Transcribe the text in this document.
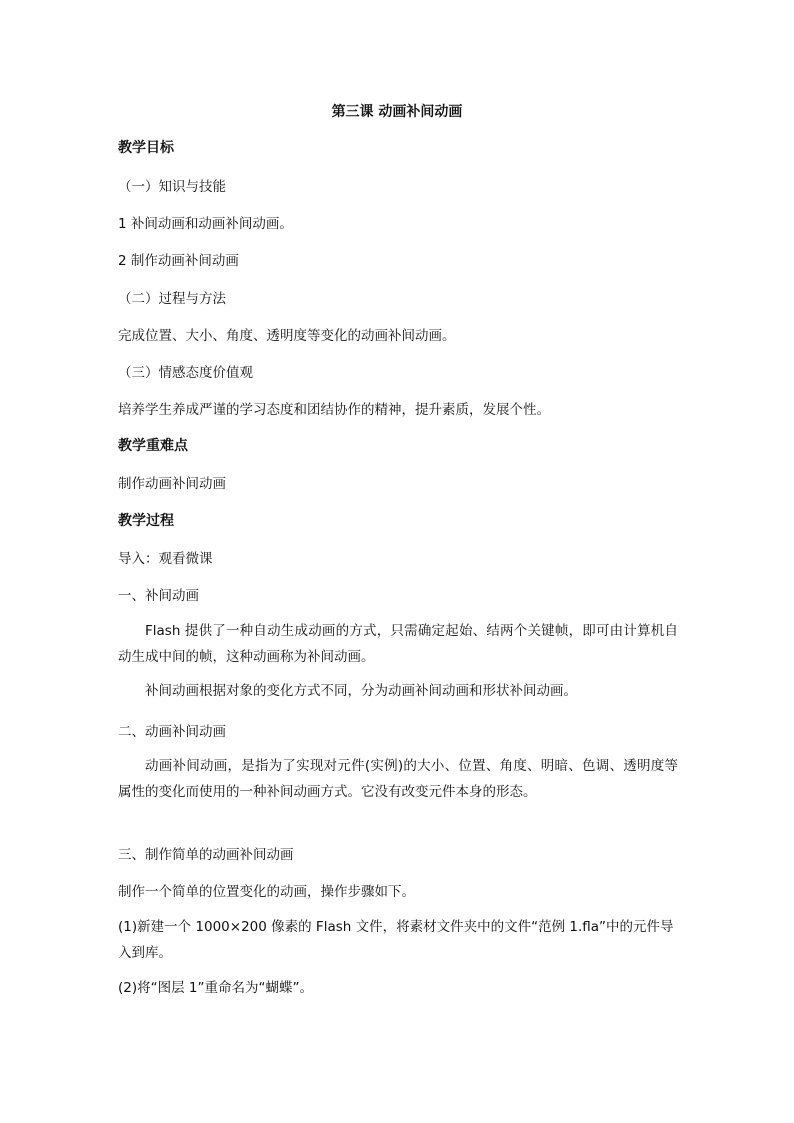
第三课 动画补间动画
教学目标
（一）知识与技能
1 补间动画和动画补间动画。
2 制作动画补间动画
（二）过程与方法
完成位置、大小、角度、透明度等变化的动画补间动画。
（三）情感态度价值观
培养学生养成严谨的学习态度和团结协作的精神，提升素质，发展个性。
教学重难点
制作动画补间动画
教学过程
导入：观看微课
一、补间动画
Flash 提供了一种自动生成动画的方式，只需确定起始、结两个关键帧，即可由计算机自动生成中间的帧，这种动画称为补间动画。
补间动画根据对象的变化方式不同，分为动画补间动画和形状补间动画。
二、动画补间动画
动画补间动画，是指为了实现对元件(实例)的大小、位置、角度、明暗、色调、透明度等属性的变化而使用的一种补间动画方式。它没有改变元件本身的形态。
三、制作简单的动画补间动画
制作一个简单的位置变化的动画，操作步骤如下。
(1)新建一个 1000×200 像素的 Flash 文件，将素材文件夹中的文件“范例 1.fla”中的元件导入到库。
(2)将“图层 1”重命名为“蝴蝶”。
